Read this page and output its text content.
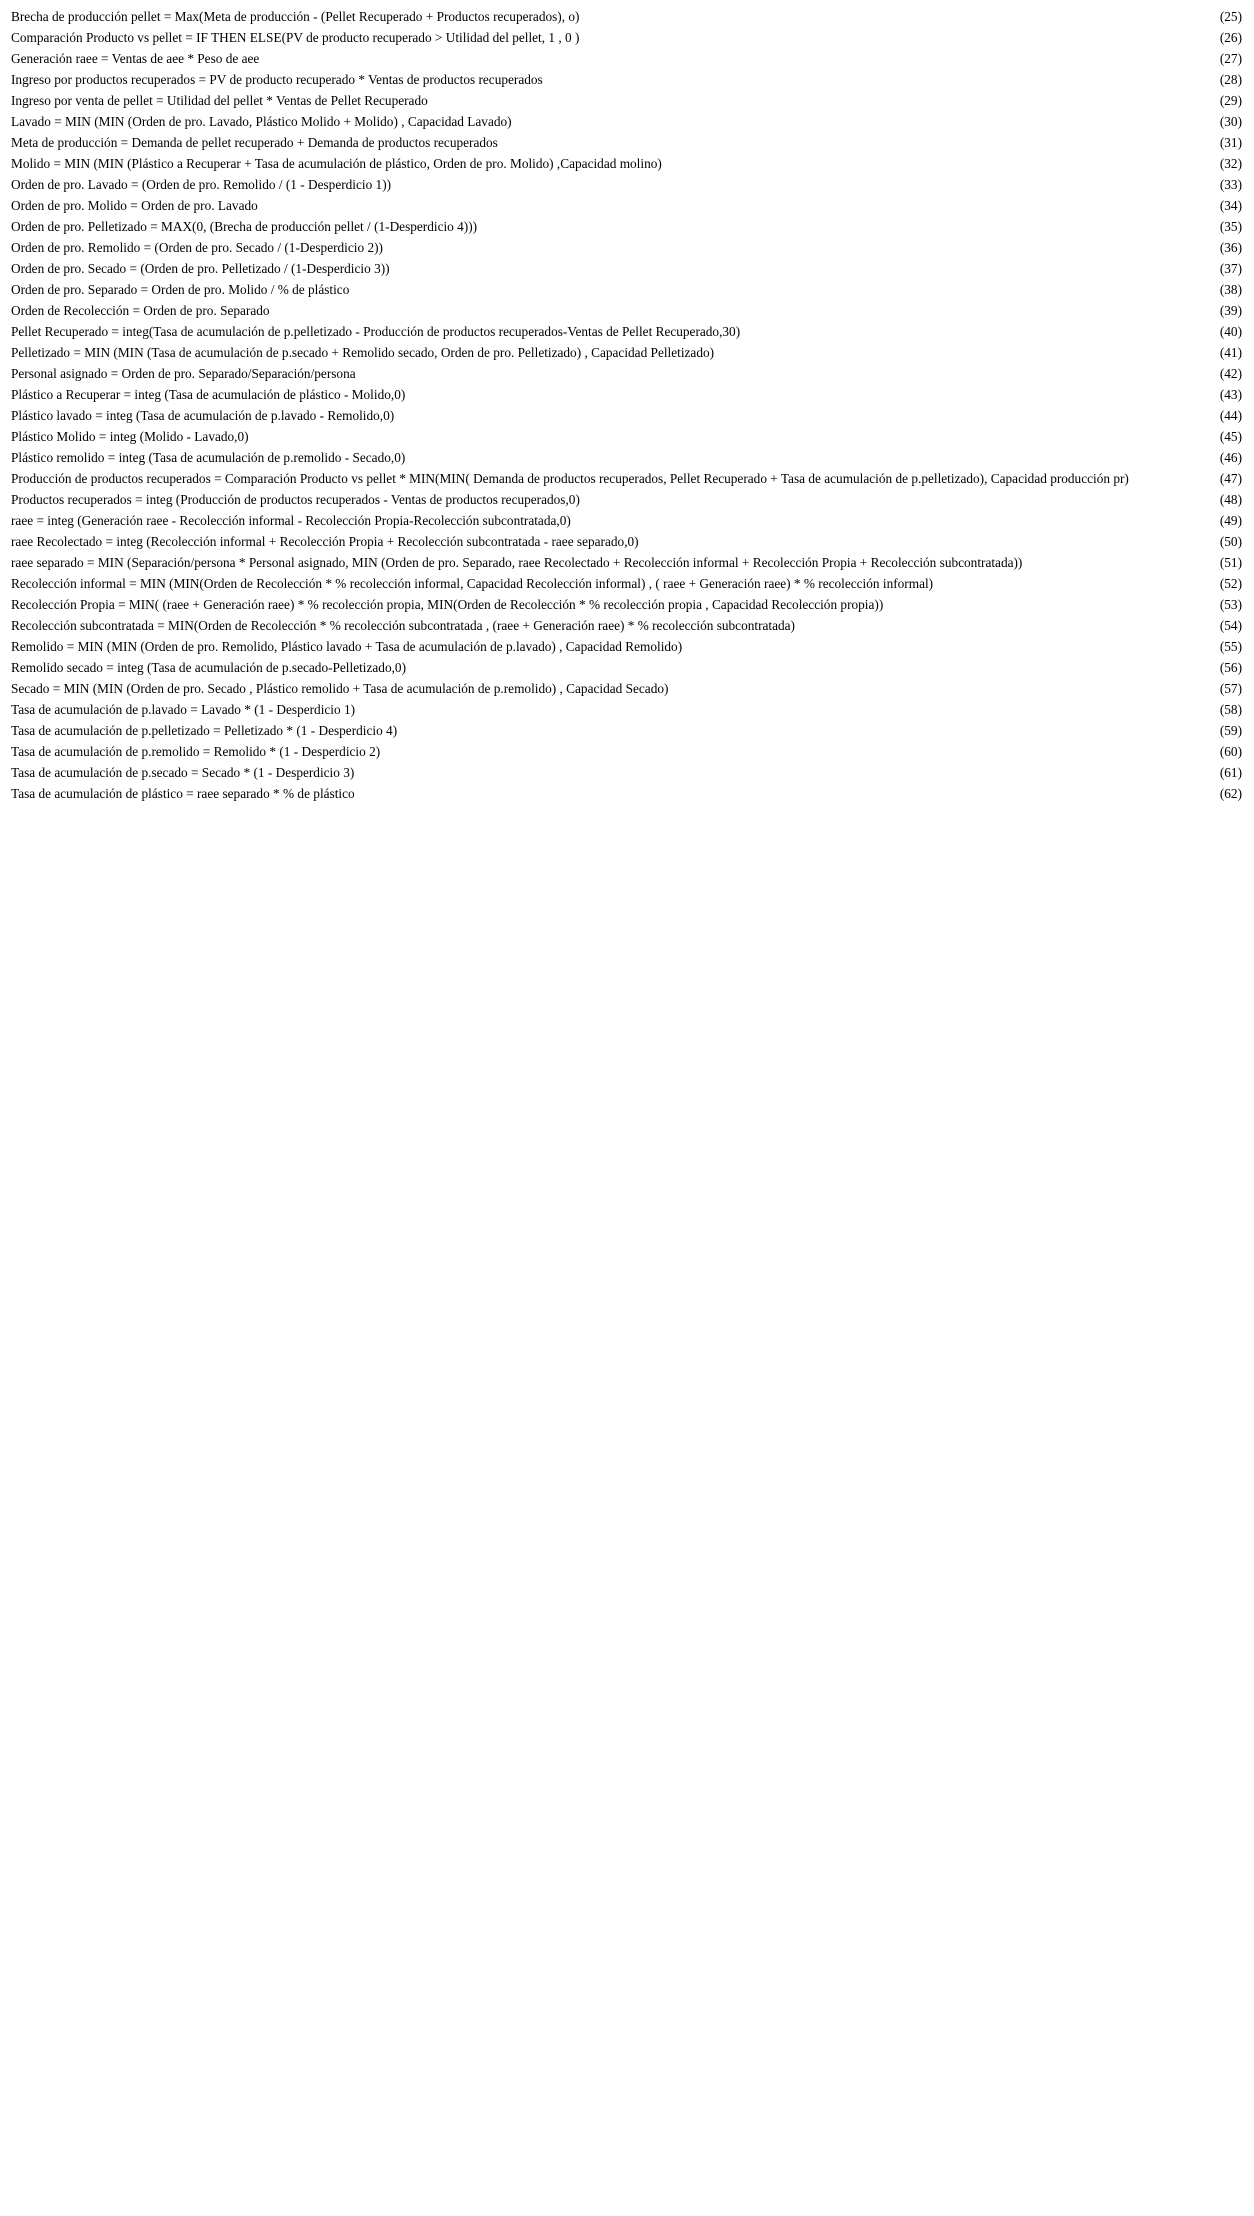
Brecha de producción pellet = Max(Meta de producción - (Pellet Recuperado + Productos recuperados), o)	(25)
Comparación Producto vs pellet = IF THEN ELSE(PV de producto recuperado > Utilidad del pellet, 1 , 0 )	(26)
Generación raee = Ventas de aee * Peso de aee	(27)
Ingreso por productos recuperados = PV de producto recuperado * Ventas de productos recuperados	(28)
Ingreso por venta de pellet = Utilidad del pellet * Ventas de Pellet Recuperado	(29)
Lavado = MIN (MIN (Orden de pro. Lavado, Plástico Molido + Molido) , Capacidad Lavado)	(30)
Meta de producción = Demanda de pellet recuperado + Demanda de productos recuperados	(31)
Molido = MIN (MIN (Plástico a Recuperar + Tasa de acumulación de plástico, Orden de pro. Molido) ,Capacidad molino)	(32)
Orden de pro. Lavado = (Orden de pro. Remolido / (1 - Desperdicio 1))	(33)
Orden de pro. Molido = Orden de pro. Lavado	(34)
Orden de pro. Pelletizado = MAX(0, (Brecha de producción pellet / (1-Desperdicio 4)))	(35)
Orden de pro. Remolido = (Orden de pro. Secado / (1-Desperdicio 2))	(36)
Orden de pro. Secado = (Orden de pro. Pelletizado / (1-Desperdicio 3))	(37)
Orden de pro. Separado = Orden de pro. Molido / % de plástico	(38)
Orden de Recolección = Orden de pro. Separado	(39)
Pellet Recuperado = integ(Tasa de acumulación de p.pelletizado - Producción de productos recuperados-Ventas de Pellet Recuperado,30)	(40)
Pelletizado = MIN (MIN (Tasa de acumulación de p.secado + Remolido secado, Orden de pro. Pelletizado) , Capacidad Pelletizado)	(41)
Personal asignado = Orden de pro. Separado/Separación/persona	(42)
Plástico a Recuperar = integ (Tasa de acumulación de plástico - Molido,0)	(43)
Plástico lavado = integ (Tasa de acumulación de p.lavado - Remolido,0)	(44)
Plástico Molido = integ (Molido - Lavado,0)	(45)
Plástico remolido = integ (Tasa de acumulación de p.remolido - Secado,0)	(46)
Producción de productos recuperados = Comparación Producto vs pellet * MIN(MIN( Demanda de productos recuperados, Pellet Recuperado + Tasa de acumulación de p.pelletizado), Capacidad producción pr)	(47)
Productos recuperados = integ (Producción de productos recuperados - Ventas de productos recuperados,0)	(48)
raee = integ (Generación raee - Recolección informal - Recolección Propia-Recolección subcontratada,0)	(49)
raee Recolectado = integ (Recolección informal + Recolección Propia + Recolección subcontratada - raee separado,0)	(50)
raee separado = MIN (Separación/persona * Personal asignado, MIN (Orden de pro. Separado, raee Recolectado + Recolección informal + Recolección Propia + Recolección subcontratada))	(51)
Recolección informal = MIN (MIN(Orden de Recolección * % recolección informal, Capacidad Recolección informal) , ( raee + Generación raee) * % recolección informal)	(52)
Recolección Propia = MIN( (raee + Generación raee) * % recolección propia, MIN(Orden de Recolección * % recolección propia , Capacidad Recolección propia))	(53)
Recolección subcontratada = MIN(Orden de Recolección * % recolección subcontratada , (raee + Generación raee) * % recolección subcontratada)	(54)
Remolido = MIN (MIN (Orden de pro. Remolido, Plástico lavado + Tasa de acumulación de p.lavado) , Capacidad Remolido)	(55)
Remolido secado = integ (Tasa de acumulación de p.secado-Pelletizado,0)	(56)
Secado = MIN (MIN (Orden de pro. Secado , Plástico remolido + Tasa de acumulación de p.remolido) , Capacidad Secado)	(57)
Tasa de acumulación de p.lavado = Lavado * (1 - Desperdicio 1)	(58)
Tasa de acumulación de p.pelletizado = Pelletizado * (1 - Desperdicio 4)	(59)
Tasa de acumulación de p.remolido = Remolido * (1 - Desperdicio 2)	(60)
Tasa de acumulación de p.secado = Secado * (1 - Desperdicio 3)	(61)
Tasa de acumulación de plástico = raee separado * % de plástico	(62)
